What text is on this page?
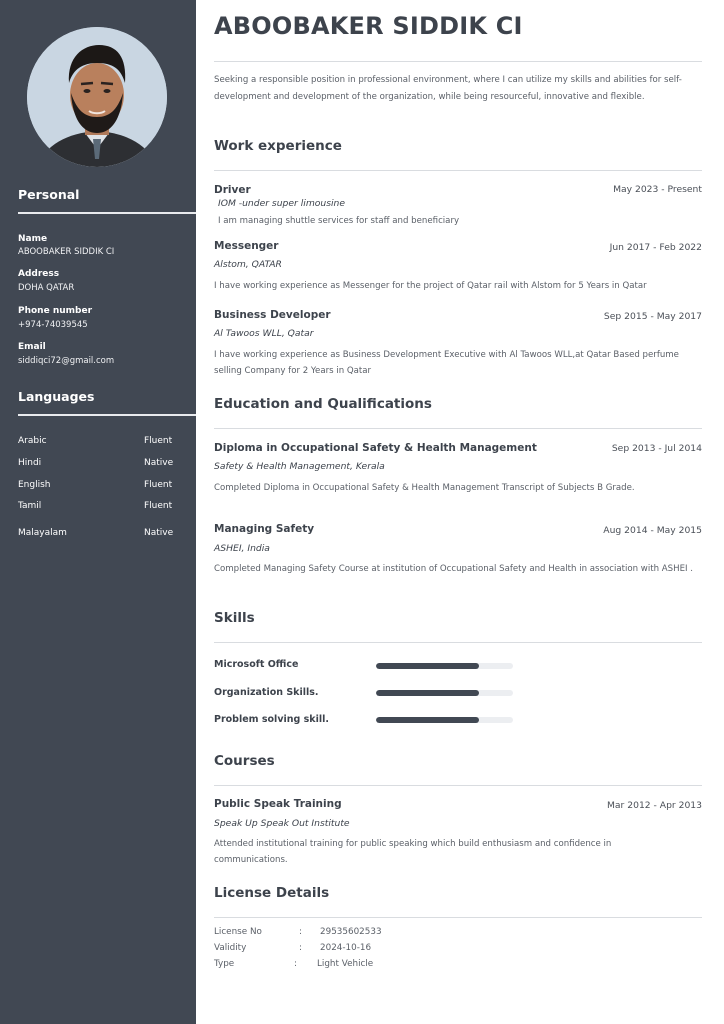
Personal
Name
ABOOBAKER SIDDIK CI
Address
DOHA QATAR
Phone number
+974-74039545
Email
siddiqci72@gmail.com
Languages
Arabic	Fluent
Hindi	Native
English	Fluent
Tamil	Fluent
Malayalam	Native
ABOOBAKER SIDDIK CI
Seeking a responsible position in professional environment, where I can utilize my skills and abilities for self-development and development of the organization, while being resourceful, innovative and flexible.
Work experience
Driver	May 2023 - Present
IOM -under super limousine
I am managing shuttle services for staff and beneficiary
Messenger	Jun 2017 - Feb 2022
Alstom, QATAR
I have working experience as Messenger for the project of Qatar rail with Alstom for 5 Years in Qatar
Business Developer	Sep 2015 - May 2017
Al Tawoos WLL, Qatar
I have working experience as Business Development Executive with Al Tawoos WLL,at Qatar Based perfume selling Company for 2 Years in Qatar
Education and Qualifications
Diploma in Occupational Safety & Health Management	Sep 2013 - Jul 2014
Safety & Health Management, Kerala
Completed Diploma in Occupational Safety & Health Management Transcript of Subjects B Grade.
Managing Safety	Aug 2014 - May 2015
ASHEI, India
Completed Managing Safety Course at institution of Occupational Safety and Health in association with ASHEI .
Skills
Microsoft Office
Organization Skills.
Problem solving skill.
Courses
Public Speak Training	Mar 2012 - Apr 2013
Speak Up Speak Out Institute
Attended institutional training for public speaking which build enthusiasm and confidence in communications.
License Details
License No	: 29535602533
Validity	: 2024-10-16
Type	: Light Vehicle
